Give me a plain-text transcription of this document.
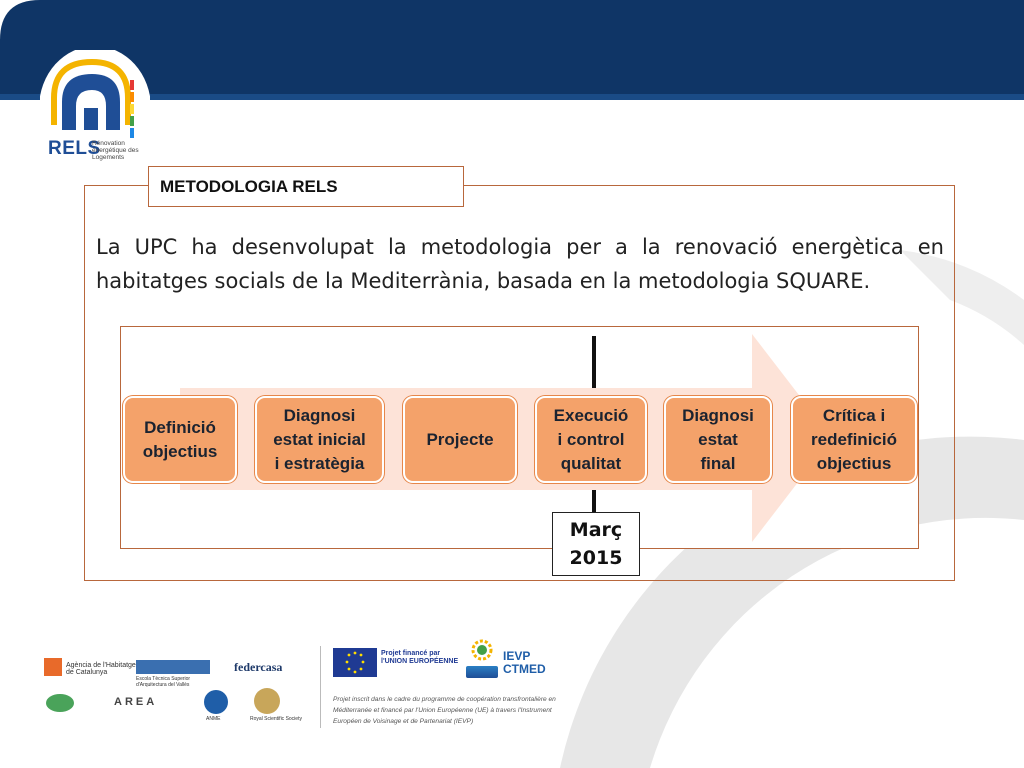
RELS
Rénovation énergétique des Logements
METODOLOGIA RELS
La UPC ha desenvolupat la metodologia per a la renovació energètica en habitatges socials de la Mediterrània, basada en la metodologia SQUARE.
Definició
objectius
Diagnosi
estat inicial
i estratègia
Projecte
Execució
i control
qualitat
Diagnosi
estat
final
Crítica i
redefinició
objectius
Març
2015
Agència de l'Habitatge de Catalunya
Escola Tècnica Superior d'Arquitectura del Vallès
federcasa
AREA
ANME	Royal Scientific Society
Projet financé par l'UNION EUROPÉENNE	IEVP
CTMED
Projet inscrit dans le cadre du programme de coopération transfrontalière en Méditerranée et financé par l'Union Européenne (UE) à travers l'Instrument Européen de Voisinage et de Partenariat (IEVP)
